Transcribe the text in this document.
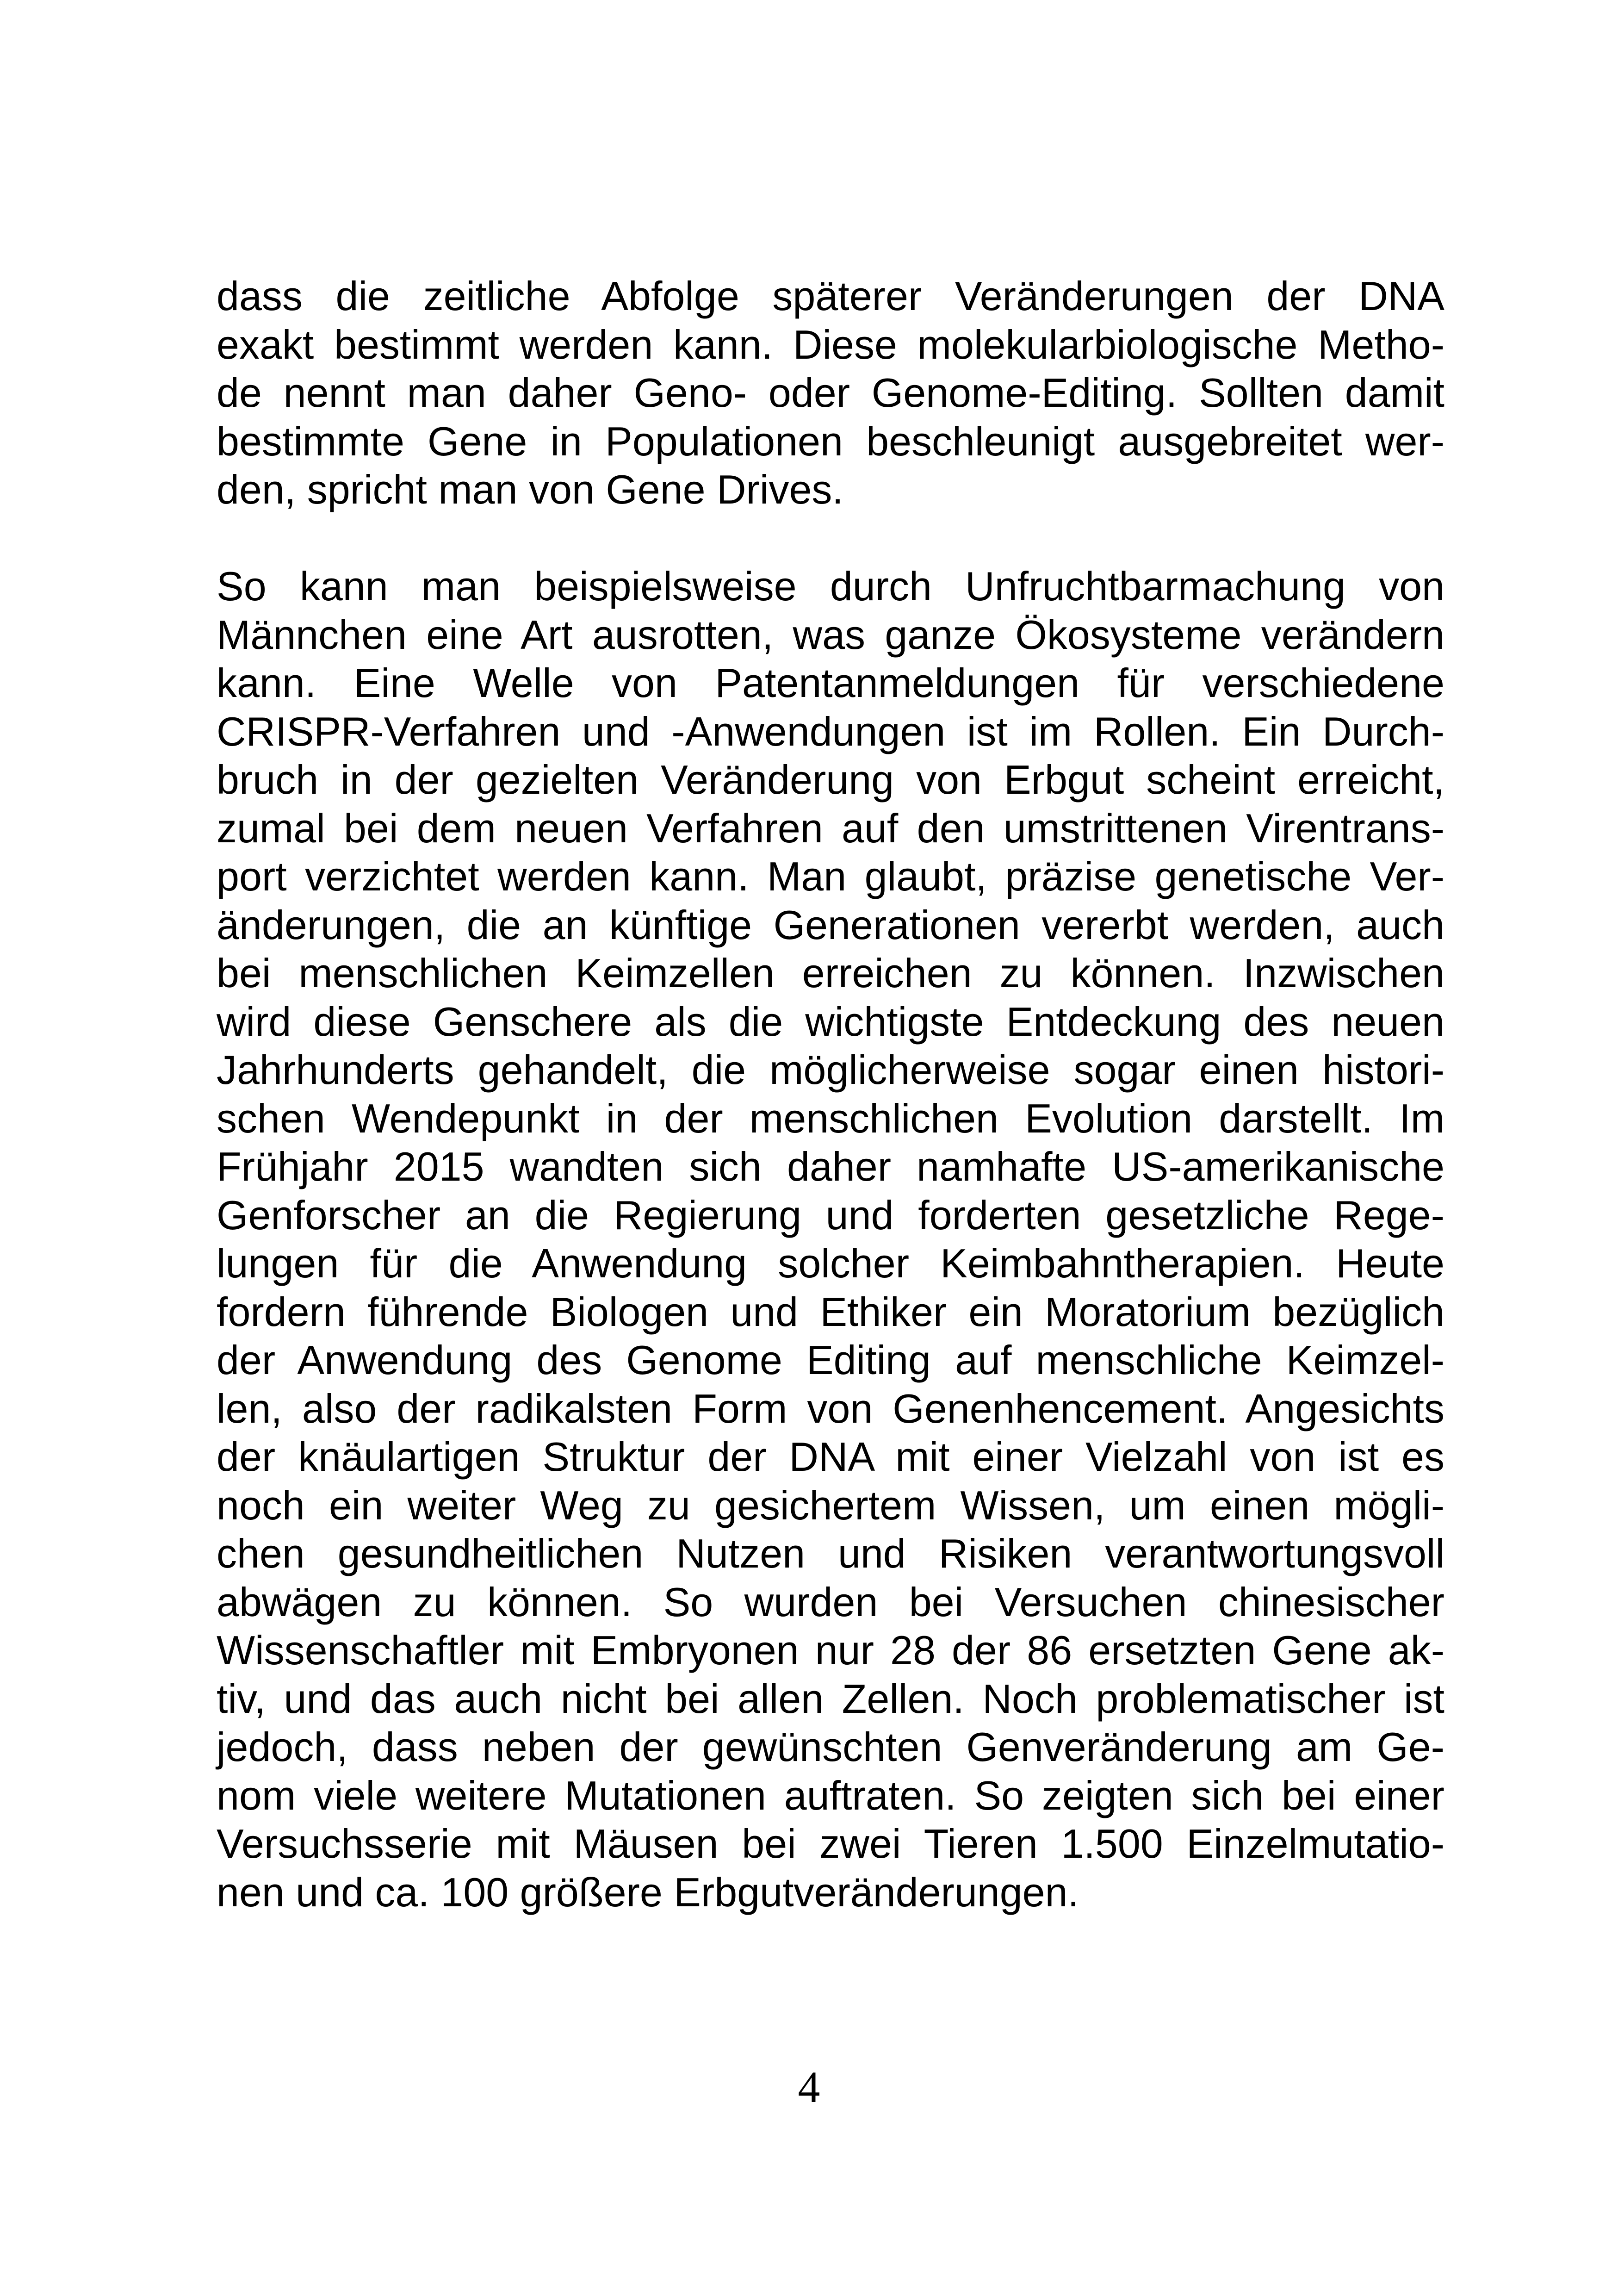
dass die zeitliche Abfolge späterer Veränderungen der DNA
exakt bestimmt werden kann. Diese molekularbiologische Metho-
de nennt man daher Geno- oder Genome-Editing. Sollten damit
bestimmte Gene in Populationen beschleunigt ausgebreitet wer-
den, spricht man von Gene Drives.
So kann man beispielsweise durch Unfruchtbarmachung von
Männchen eine Art ausrotten, was ganze Ökosysteme verändern
kann. Eine Welle von Patentanmeldungen für verschiedene
CRISPR-Verfahren und -Anwendungen ist im Rollen. Ein Durch-
bruch in der gezielten Veränderung von Erbgut scheint erreicht,
zumal bei dem neuen Verfahren auf den umstrittenen Virentrans-
port verzichtet werden kann. Man glaubt, präzise genetische Ver-
änderungen, die an künftige Generationen vererbt werden, auch
bei menschlichen Keimzellen erreichen zu können. Inzwischen
wird diese Genschere als die wichtigste Entdeckung des neuen
Jahrhunderts gehandelt, die möglicherweise sogar einen histori-
schen Wendepunkt in der menschlichen Evolution darstellt. Im
Frühjahr 2015 wandten sich daher namhafte US-amerikanische
Genforscher an die Regierung und forderten gesetzliche Rege-
lungen für die Anwendung solcher Keimbahntherapien. Heute
fordern führende Biologen und Ethiker ein Moratorium bezüglich
der Anwendung des Genome Editing auf menschliche Keimzel-
len, also der radikalsten Form von Genenhencement. Angesichts
der knäulartigen Struktur der DNA mit einer Vielzahl von ist es
noch ein weiter Weg zu gesichertem Wissen, um einen mögli-
chen gesundheitlichen Nutzen und Risiken verantwortungsvoll
abwägen zu können. So wurden bei Versuchen chinesischer
Wissenschaftler mit Embryonen nur 28 der 86 ersetzten Gene ak-
tiv, und das auch nicht bei allen Zellen. Noch problematischer ist
jedoch, dass neben der gewünschten Genveränderung am Ge-
nom viele weitere Mutationen auftraten. So zeigten sich bei einer
Versuchsserie mit Mäusen bei zwei Tieren 1.500 Einzelmutatio-
nen und ca. 100 größere Erbgutveränderungen.
4
